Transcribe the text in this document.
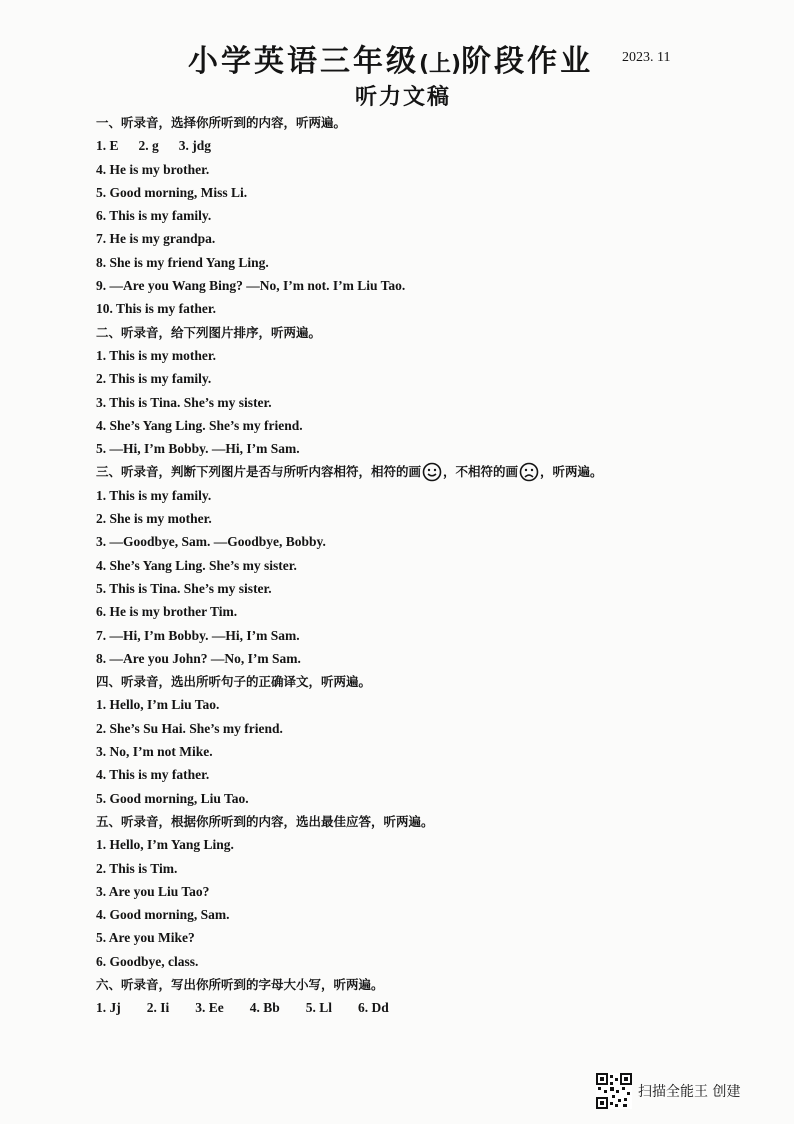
小学英语三年级(上)阶段作业 2023. 11
听力文稿
一、听录音，选择你所听到的内容，听两遍。
1. E 2. g 3. jdg
4. He is my brother.
5. Good morning, Miss Li.
6. This is my family.
7. He is my grandpa.
8. She is my friend Yang Ling.
9. —Are you Wang Bing? —No, I’m not. I’m Liu Tao.
10. This is my father.
二、听录音，给下列图片排序，听两遍。
1. This is my mother.
2. This is my family.
3. This is Tina. She’s my sister.
4. She’s Yang Ling. She’s my friend.
5. —Hi, I’m Bobby. —Hi, I’m Sam.
三、听录音，判断下列图片是否与所听内容相符，相符的画 ，不相符的画 ，听两遍。
1. This is my family.
2. She is my mother.
3. —Goodbye, Sam. —Goodbye, Bobby.
4. She’s Yang Ling. She’s my sister.
5. This is Tina. She’s my sister.
6. He is my brother Tim.
7. —Hi, I’m Bobby. —Hi, I’m Sam.
8. —Are you John? —No, I’m Sam.
四、听录音，选出所听句子的正确译文，听两遍。
1. Hello, I’m Liu Tao.
2. She’s Su Hai. She’s my friend.
3. No, I’m not Mike.
4. This is my father.
5. Good morning, Liu Tao.
五、听录音，根据你所听到的内容，选出最佳应答，听两遍。
1. Hello, I’m Yang Ling.
2. This is Tim.
3. Are you Liu Tao?
4. Good morning, Sam.
5. Are you Mike?
6. Goodbye, class.
六、听录音，写出你所听到的字母大小写，听两遍。
1. Jj 2. Ii 3. Ee 4. Bb 5. Ll 6. Dd
扫描全能王 创建
